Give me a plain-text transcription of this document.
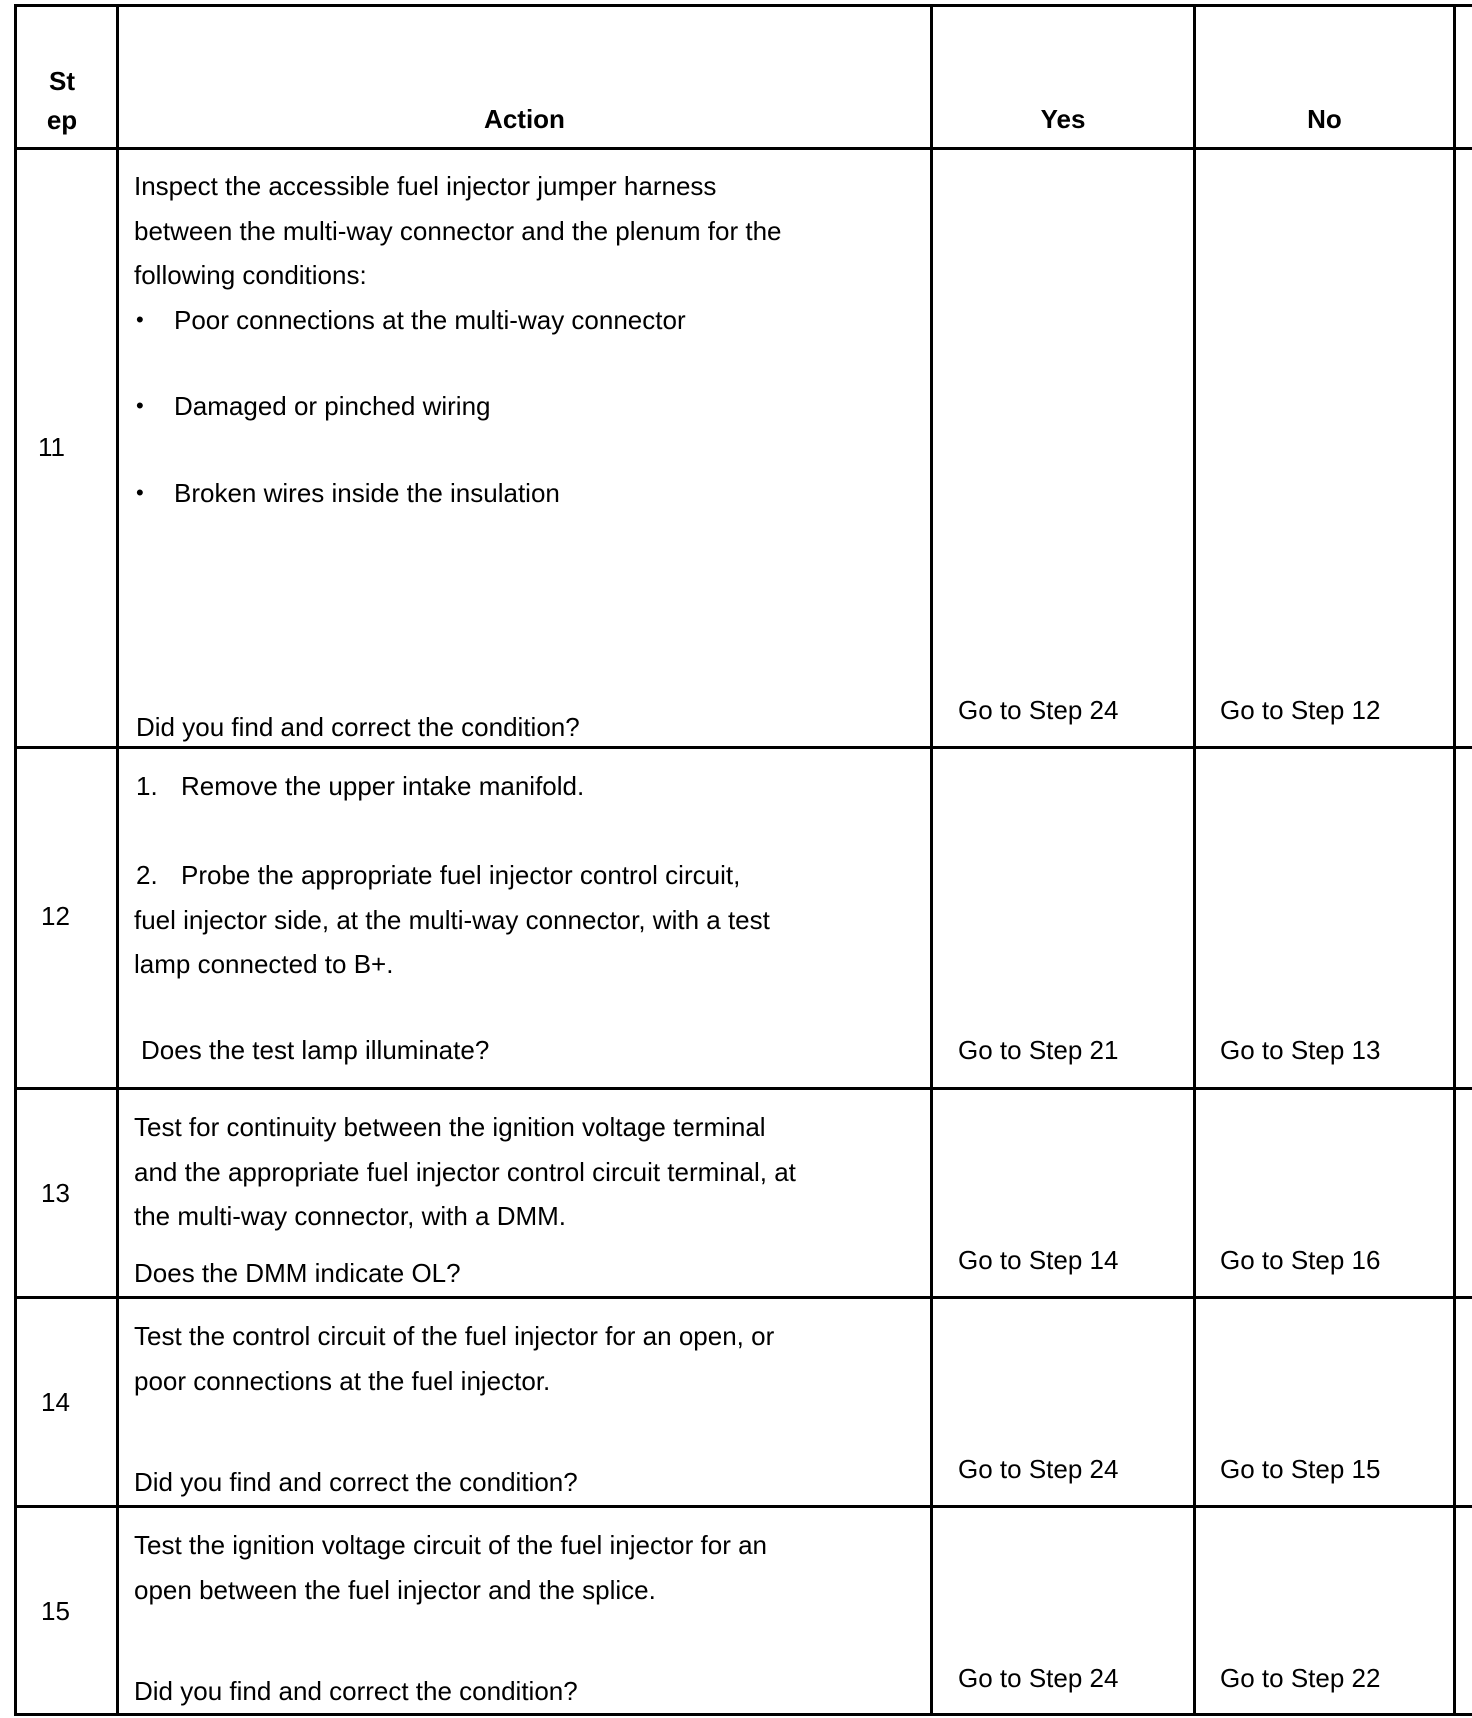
St
ep	Action	Yes	No
11
Inspect the accessible fuel injector jumper harness
between the multi-way connector and the plenum for the
following conditions:
• Poor connections at the multi-way connector
• Damaged or pinched wiring
• Broken wires inside the insulation
Did you find and correct the condition?
Go to Step 24	Go to Step 12
12
1. Remove the upper intake manifold.
2. Probe the appropriate fuel injector control circuit,
fuel injector side, at the multi-way connector, with a test
lamp connected to B+.
Does the test lamp illuminate?	Go to Step 21	Go to Step 13
13
Test for continuity between the ignition voltage terminal
and the appropriate fuel injector control circuit terminal, at
the multi-way connector, with a DMM.
Does the DMM indicate OL?	Go to Step 14	Go to Step 16
14
Test the control circuit of the fuel injector for an open, or
poor connections at the fuel injector.
Did you find and correct the condition?	Go to Step 24	Go to Step 15
15
Test the ignition voltage circuit of the fuel injector for an
open between the fuel injector and the splice.
Did you find and correct the condition?	Go to Step 24	Go to Step 22
